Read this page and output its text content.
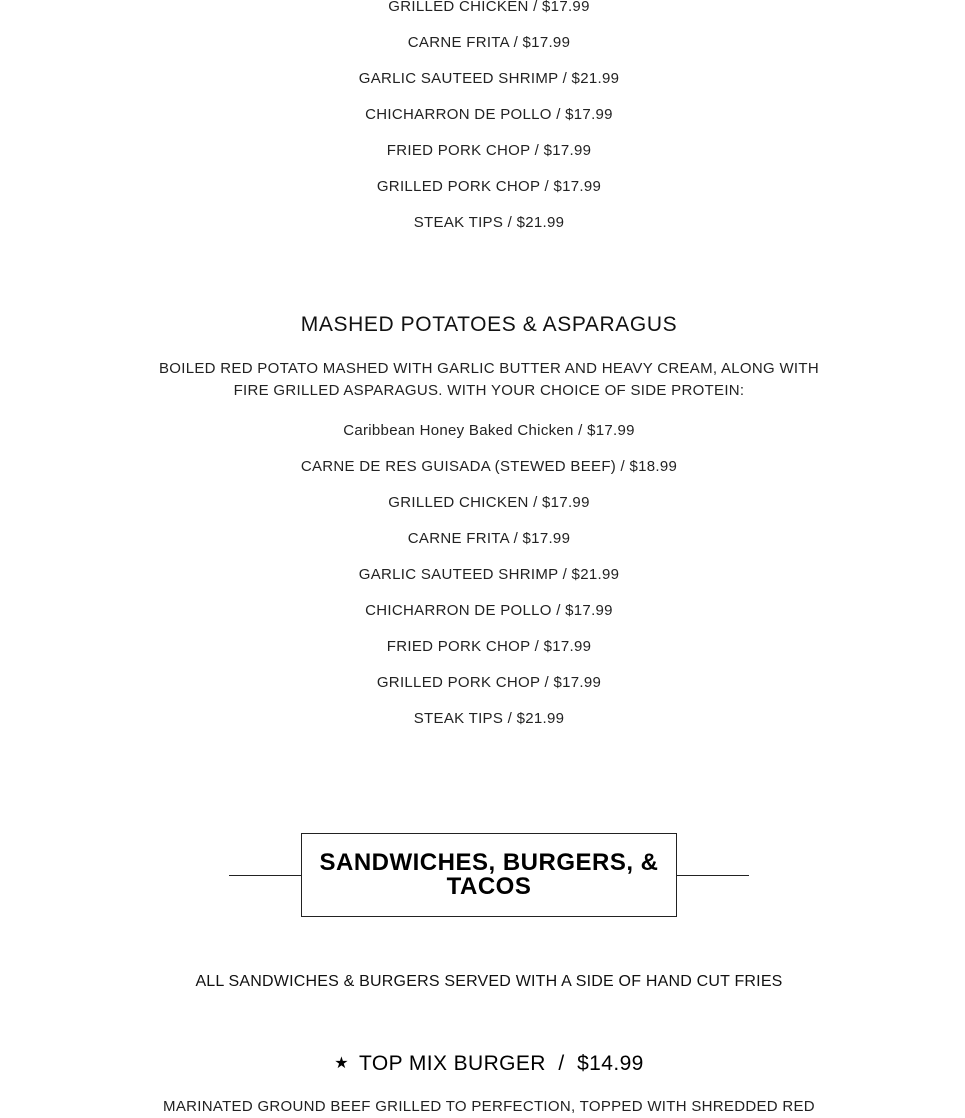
GRILLED CHICKEN / $17.99
CARNE FRITA / $17.99
GARLIC SAUTEED SHRIMP / $21.99
CHICHARRON DE POLLO / $17.99
FRIED PORK CHOP / $17.99
GRILLED PORK CHOP / $17.99
STEAK TIPS / $21.99
MASHED POTATOES & ASPARAGUS
BOILED RED POTATO MASHED WITH GARLIC BUTTER AND HEAVY CREAM, ALONG WITH FIRE GRILLED ASPARAGUS. WITH YOUR CHOICE OF SIDE PROTEIN:
Caribbean Honey Baked Chicken / $17.99
CARNE DE RES GUISADA (STEWED BEEF) / $18.99
GRILLED CHICKEN / $17.99
CARNE FRITA / $17.99
GARLIC SAUTEED SHRIMP / $21.99
CHICHARRON DE POLLO / $17.99
FRIED PORK CHOP / $17.99
GRILLED PORK CHOP / $17.99
STEAK TIPS / $21.99
SANDWICHES, BURGERS, & TACOS
ALL SANDWICHES & BURGERS SERVED WITH A SIDE OF HAND CUT FRIES
★ TOP MIX BURGER / $14.99
MARINATED GROUND BEEF GRILLED TO PERFECTION, TOPPED WITH SHREDDED RED
